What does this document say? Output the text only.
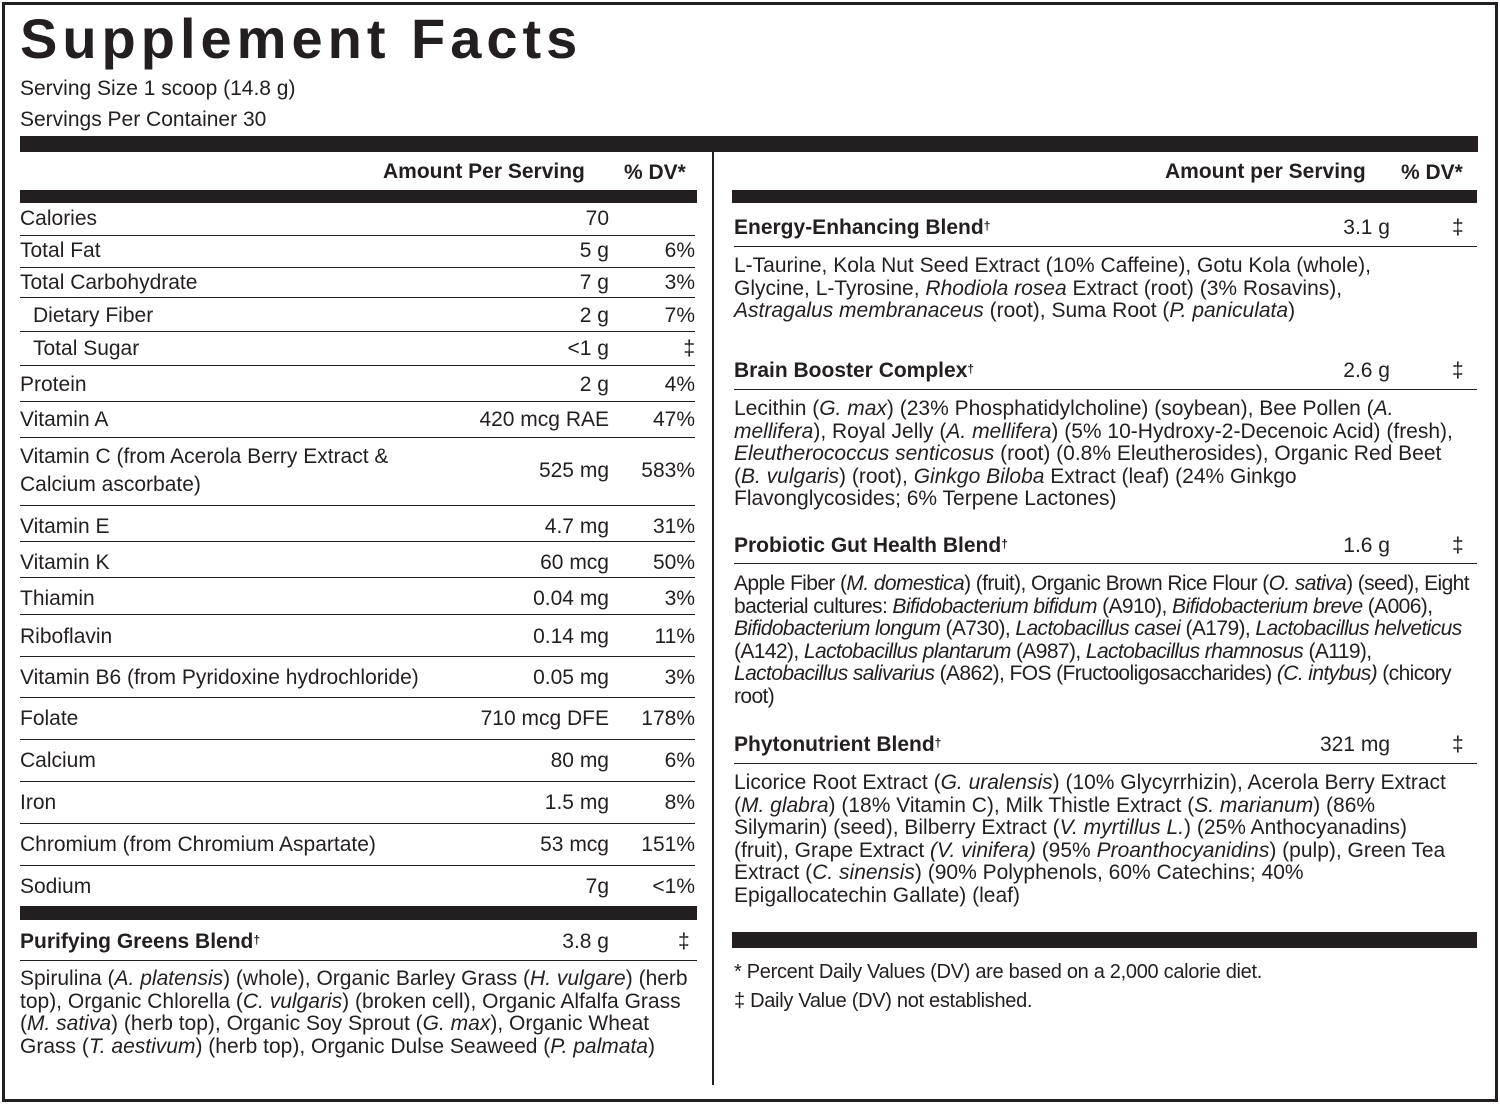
Supplement Facts
Serving Size 1 scoop (14.8 g)
Servings Per Container 30
Amount Per Serving % DV*
Calories	70
Total Fat	5 g	6%
Total Carbohydrate	7 g	3%
Dietary Fiber	2 g	7%
Total Sugar	<1 g	‡
Protein	2 g	4%
Vitamin A	420 mcg RAE 47%
Vitamin C (from Acerola Berry Extract &
Calcium ascorbate)
525 mg 583%
Vitamin E	4.7 mg 31%
Vitamin K	60 mcg 50%
Thiamin	0.04 mg	3%
Riboflavin	0.14 mg 11%
Vitamin B6 (from Pyridoxine hydrochloride)	0.05 mg	3%
Folate	710 mcg DFE 178%
Calcium	80 mg	6%
Iron	1.5 mg	8%
Chromium (from Chromium Aspartate)	53 mcg 151%
Sodium	7g <1%
Amount per Serving % DV*
Purifying Greens Blend†	3.8 g	‡
Spirulina (A. platensis) (whole), Organic Barley Grass (H. vulgare) (herb top), Organic Chlorella (C. vulgaris) (broken cell), Organic Alfalfa Grass (M. sativa) (herb top), Organic Soy Sprout (G. max), Organic Wheat Grass (T. aestivum) (herb top), Organic Dulse Seaweed (P. palmata)
Energy-Enhancing Blend†	3.1 g	‡
L-Taurine, Kola Nut Seed Extract (10% Caffeine), Gotu Kola (whole), Glycine, L-Tyrosine, Rhodiola rosea Extract (root) (3% Rosavins), Astragalus membranaceus (root), Suma Root (P. paniculata)
Brain Booster Complex†	2.6 g	‡
Lecithin (G. max) (23% Phosphatidylcholine) (soybean), Bee Pollen (A. mellifera), Royal Jelly (A. mellifera) (5% 10-Hydroxy-2-Decenoic Acid) (fresh), Eleutherococcus senticosus (root) (0.8% Eleutherosides), Organic Red Beet (B. vulgaris) (root), Ginkgo Biloba Extract (leaf) (24% Ginkgo Flavonglycosides; 6% Terpene Lactones)
Probiotic Gut Health Blend†	1.6 g	‡
Apple Fiber (M. domestica) (fruit), Organic Brown Rice Flour (O. sativa) (seed), Eight bacterial cultures: Bifidobacterium bifidum (A910), Bifidobacterium breve (A006), Bifidobacterium longum (A730), Lactobacillus casei (A179), Lactobacillus helveticus (A142), Lactobacillus plantarum (A987), Lactobacillus rhamnosus (A119), Lactobacillus salivarius (A862), FOS (Fructooligosaccharides) (C. intybus) (chicory root)
Phytonutrient Blend†	321 mg	‡
Licorice Root Extract (G. uralensis) (10% Glycyrrhizin), Acerola Berry Extract (M. glabra) (18% Vitamin C), Milk Thistle Extract (S. marianum) (86% Silymarin) (seed), Bilberry Extract (V. myrtillus L.) (25% Anthocyanadins) (fruit), Grape Extract (V. vinifera) (95% Proanthocyanidins) (pulp), Green Tea Extract (C. sinensis) (90% Polyphenols, 60% Catechins; 40% Epigallocatechin Gallate) (leaf)
* Percent Daily Values (DV) are based on a 2,000 calorie diet.
‡ Daily Value (DV) not established.
